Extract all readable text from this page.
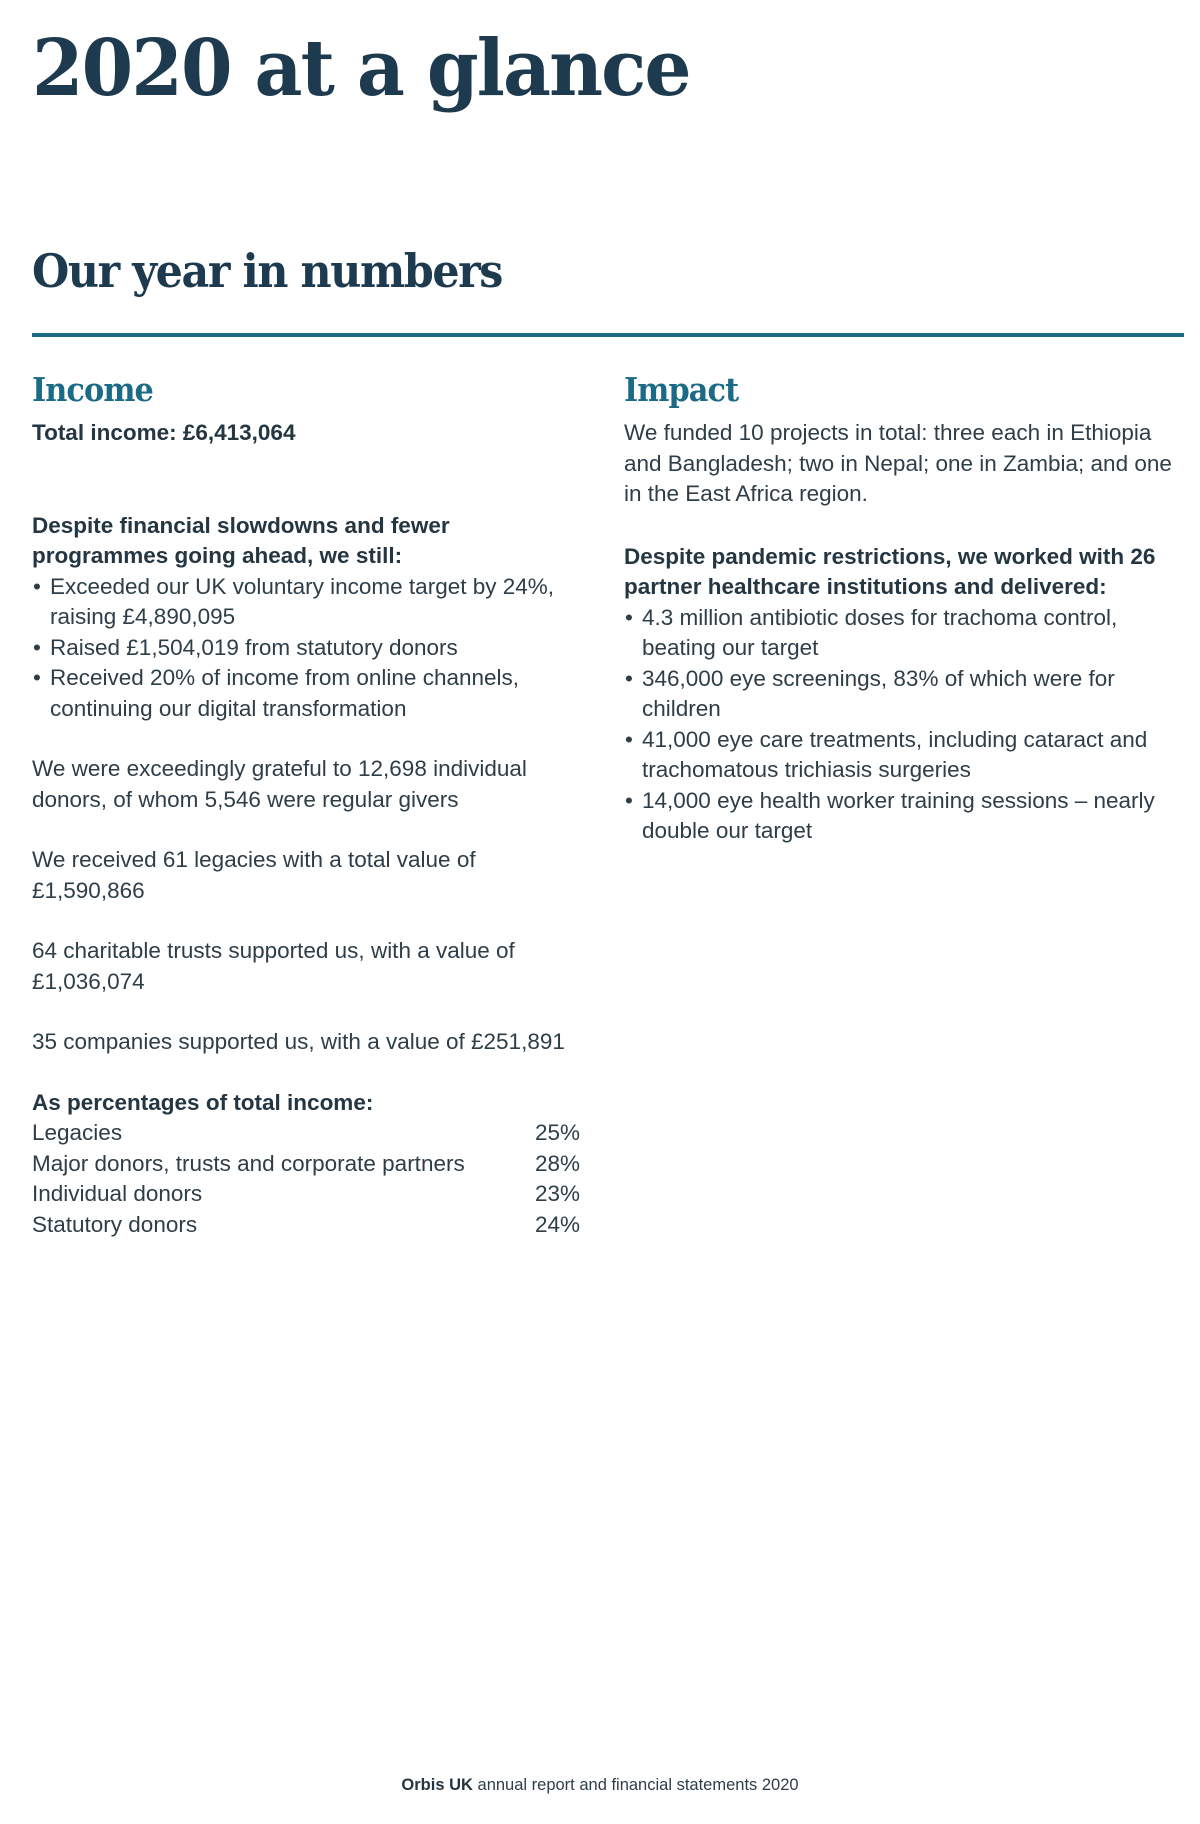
2020 at a glance
Our year in numbers
Income

Total income: £6,413,064

Despite financial slowdowns and fewer programmes going ahead, we still:

• Exceeded our UK voluntary income target by 24%, raising £4,890,095
• Raised £1,504,019 from statutory donors
• Received 20% of income from online channels, continuing our digital transformation

We were exceedingly grateful to 12,698 individual donors, of whom 5,546 were regular givers

We received 61 legacies with a total value of £1,590,866

64 charitable trusts supported us, with a value of £1,036,074

35 companies supported us, with a value of £251,891

As percentages of total income:

Legacies	25%
Major donors, trusts and corporate partners	28%
Individual donors	23%
Statutory donors	24%
Impact

We funded 10 projects in total: three each in Ethiopia and Bangladesh; two in Nepal; one in Zambia; and one in the East Africa region.

Despite pandemic restrictions, we worked with 26 partner healthcare institutions and delivered:

• 4.3 million antibiotic doses for trachoma control, beating our target
• 346,000 eye screenings, 83% of which were for children
• 41,000 eye care treatments, including cataract and trachomatous trichiasis surgeries
• 14,000 eye health worker training sessions – nearly double our target
Orbis UK annual report and financial statements 2020
